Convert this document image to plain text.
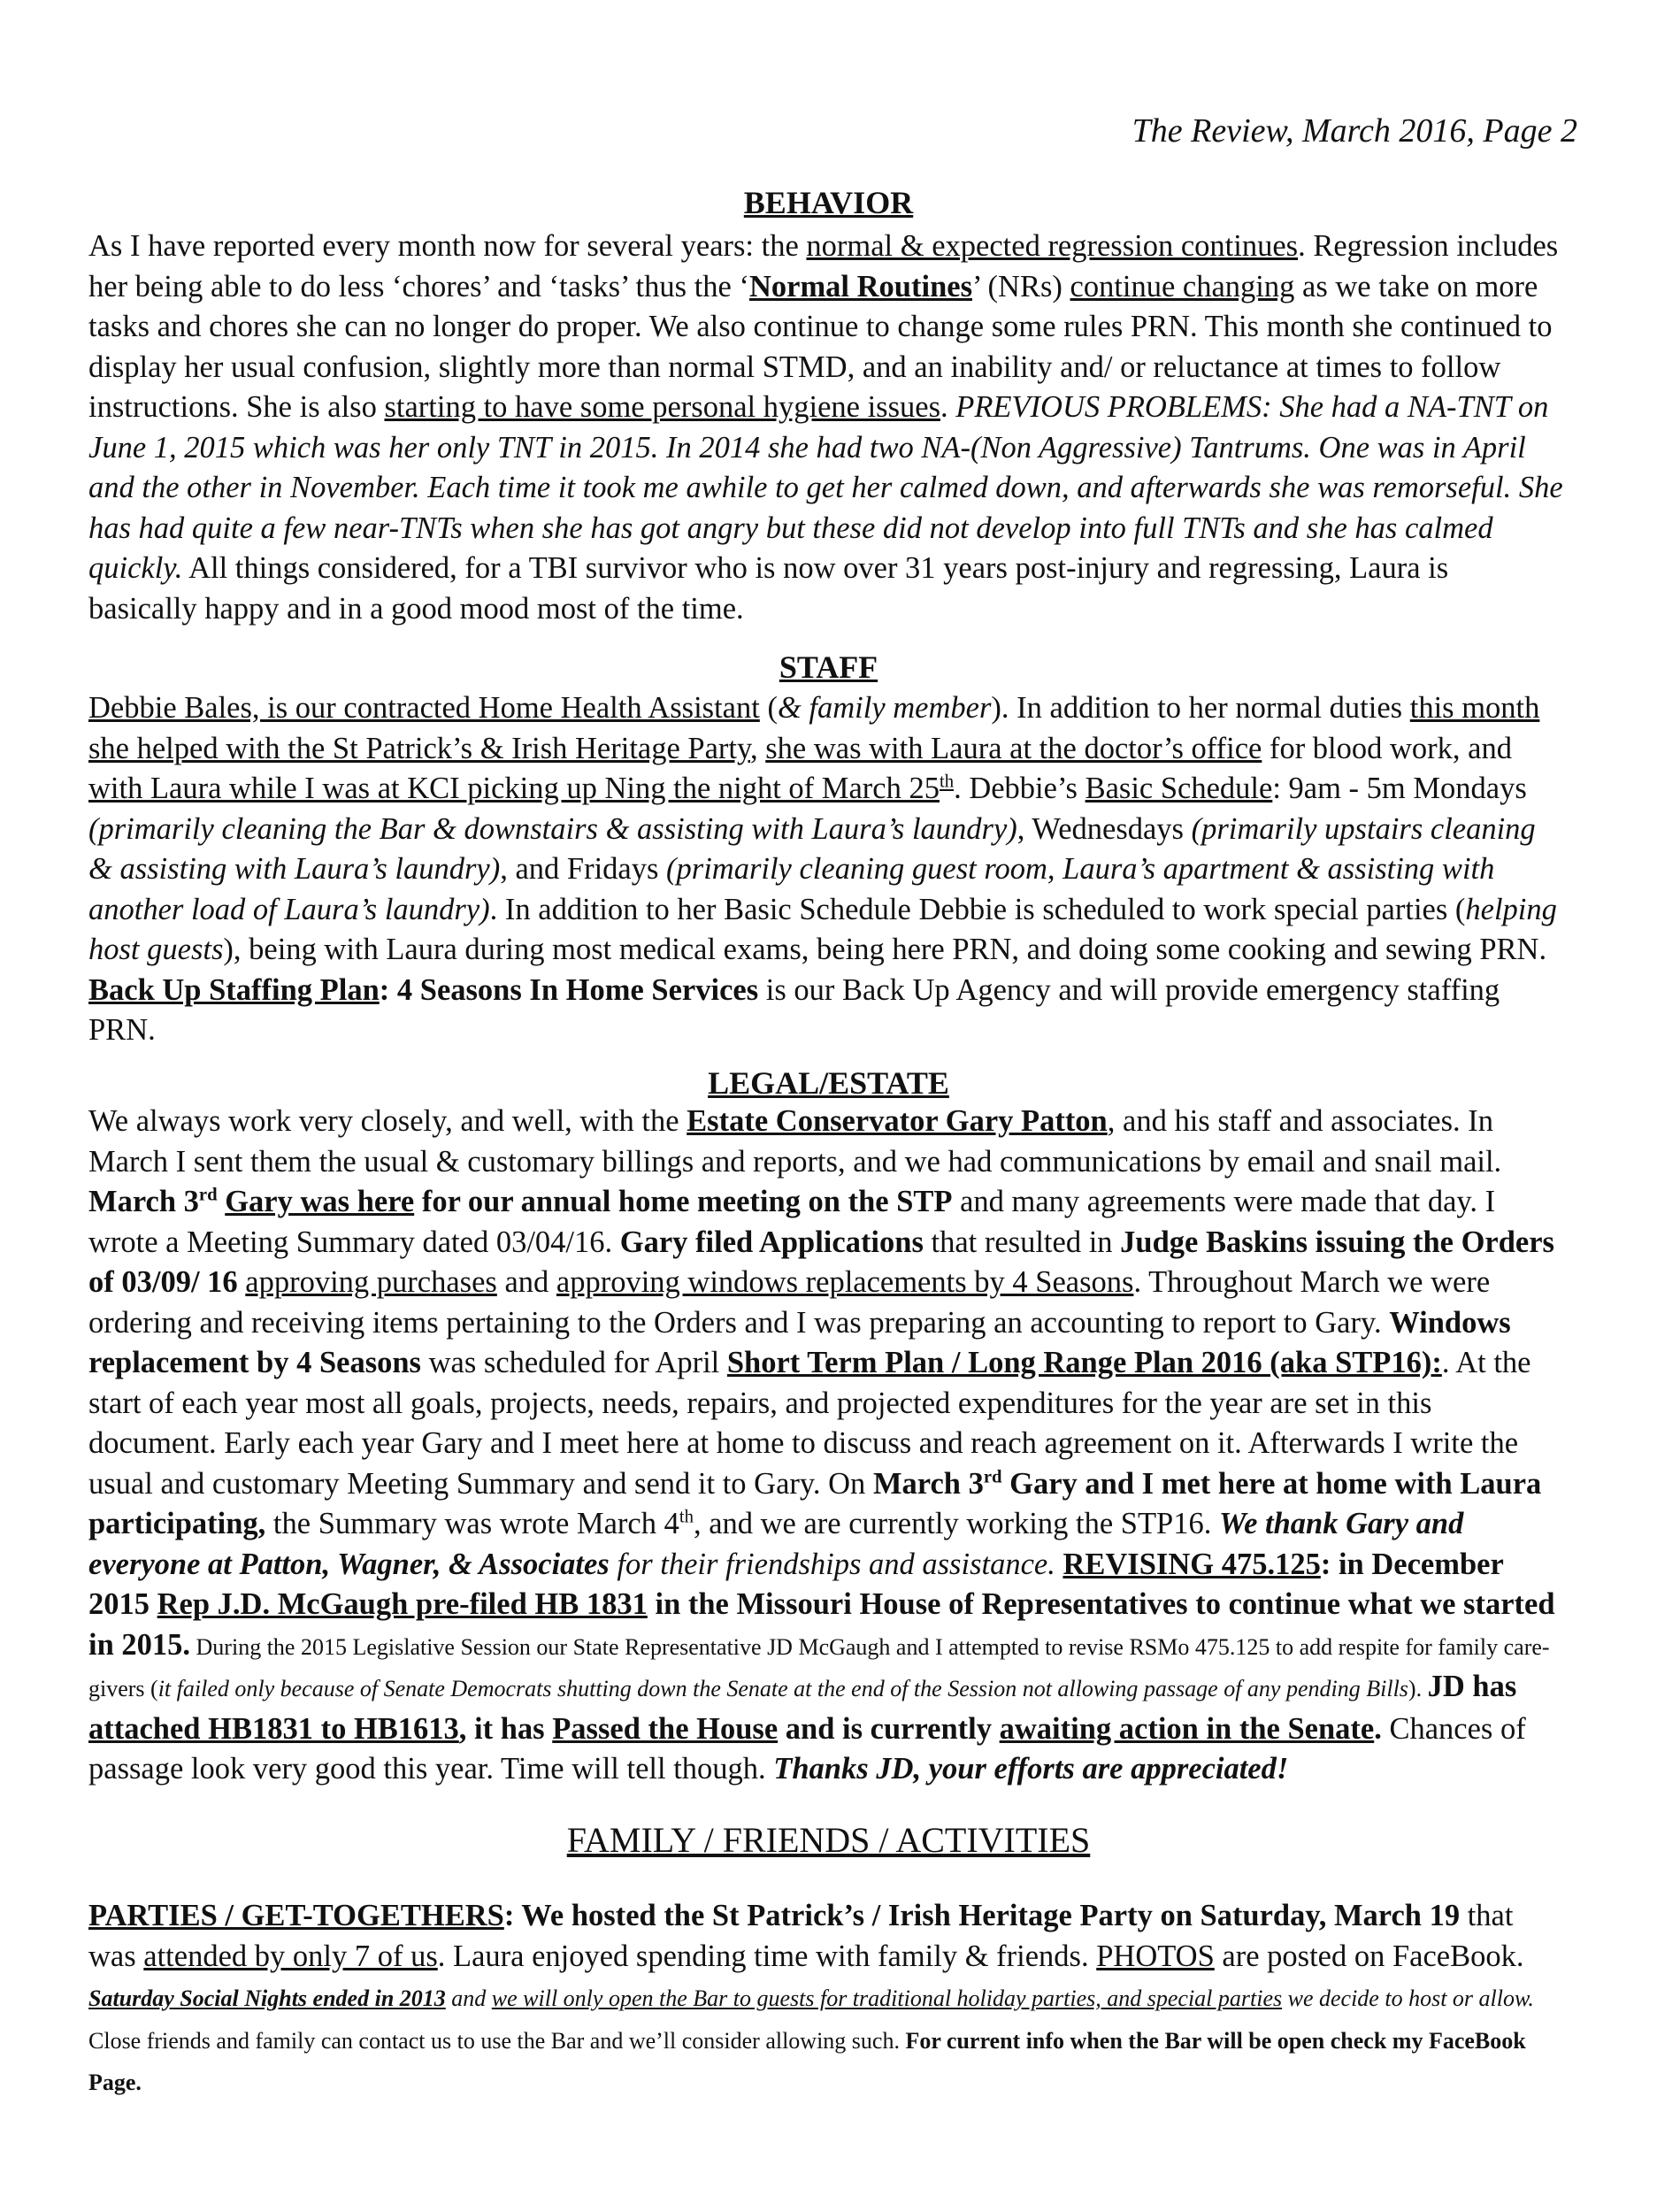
The Review, March 2016, Page 2
BEHAVIOR
As I have reported every month now for several years: the normal & expected regression continues. Regression includes her being able to do less ‘chores’ and ‘tasks’ thus the ‘Normal Routines’ (NRs) continue changing as we take on more tasks and chores she can no longer do proper. We also continue to change some rules PRN. This month she continued to display her usual confusion, slightly more than normal STMD, and an inability and/ or reluctance at times to follow instructions. She is also starting to have some personal hygiene issues. PREVIOUS PROBLEMS: She had a NA-TNT on June 1, 2015 which was her only TNT in 2015. In 2014 she had two NA-(Non Aggressive) Tantrums. One was in April and the other in November. Each time it took me awhile to get her calmed down, and afterwards she was remorseful. She has had quite a few near-TNTs when she has got angry but these did not develop into full TNTs and she has calmed quickly. All things considered, for a TBI survivor who is now over 31 years post-injury and regressing, Laura is basically happy and in a good mood most of the time.
STAFF
Debbie Bales, is our contracted Home Health Assistant (& family member). In addition to her normal duties this month she helped with the St Patrick’s & Irish Heritage Party, she was with Laura at the doctor’s office for blood work, and with Laura while I was at KCI picking up Ning the night of March 25th. Debbie’s Basic Schedule: 9am - 5m Mondays (primarily cleaning the Bar & downstairs & assisting with Laura’s laundry), Wednesdays (primarily upstairs cleaning & assisting with Laura’s laundry), and Fridays (primarily cleaning guest room, Laura’s apartment & assisting with another load of Laura’s laundry). In addition to her Basic Schedule Debbie is scheduled to work special parties (helping host guests), being with Laura during most medical exams, being here PRN, and doing some cooking and sewing PRN. Back Up Staffing Plan: 4 Seasons In Home Services is our Back Up Agency and will provide emergency staffing PRN.
LEGAL/ESTATE
We always work very closely, and well, with the Estate Conservator Gary Patton, and his staff and associates. In March I sent them the usual & customary billings and reports, and we had communications by email and snail mail. March 3rd Gary was here for our annual home meeting on the STP and many agreements were made that day. I wrote a Meeting Summary dated 03/04/16. Gary filed Applications that resulted in Judge Baskins issuing the Orders of 03/09/ 16 approving purchases and approving windows replacements by 4 Seasons. Throughout March we were ordering and receiving items pertaining to the Orders and I was preparing an accounting to report to Gary. Windows replacement by 4 Seasons was scheduled for April Short Term Plan / Long Range Plan 2016 (aka STP16):. At the start of each year most all goals, projects, needs, repairs, and projected expenditures for the year are set in this document. Early each year Gary and I meet here at home to discuss and reach agreement on it. Afterwards I write the usual and customary Meeting Summary and send it to Gary. On March 3rd Gary and I met here at home with Laura participating, the Summary was wrote March 4th, and we are currently working the STP16. We thank Gary and everyone at Patton, Wagner, & Associates for their friendships and assistance. REVISING 475.125: in December 2015 Rep J.D. McGaugh pre-filed HB 1831 in the Missouri House of Representatives to continue what we started in 2015. During the 2015 Legislative Session our State Representative JD McGaugh and I attempted to revise RSMo 475.125 to add respite for family care-givers (it failed only because of Senate Democrats shutting down the Senate at the end of the Session not allowing passage of any pending Bills). JD has attached HB1831 to HB1613, it has Passed the House and is currently awaiting action in the Senate. Chances of passage look very good this year. Time will tell though. Thanks JD, your efforts are appreciated!
FAMILY / FRIENDS / ACTIVITIES
PARTIES / GET-TOGETHERS: We hosted the St Patrick’s / Irish Heritage Party on Saturday, March 19 that was attended by only 7 of us. Laura enjoyed spending time with family & friends. PHOTOS are posted on FaceBook. Saturday Social Nights ended in 2013 and we will only open the Bar to guests for traditional holiday parties, and special parties we decide to host or allow. Close friends and family can contact us to use the Bar and we’ll consider allowing such. For current info when the Bar will be open check my FaceBook Page.
